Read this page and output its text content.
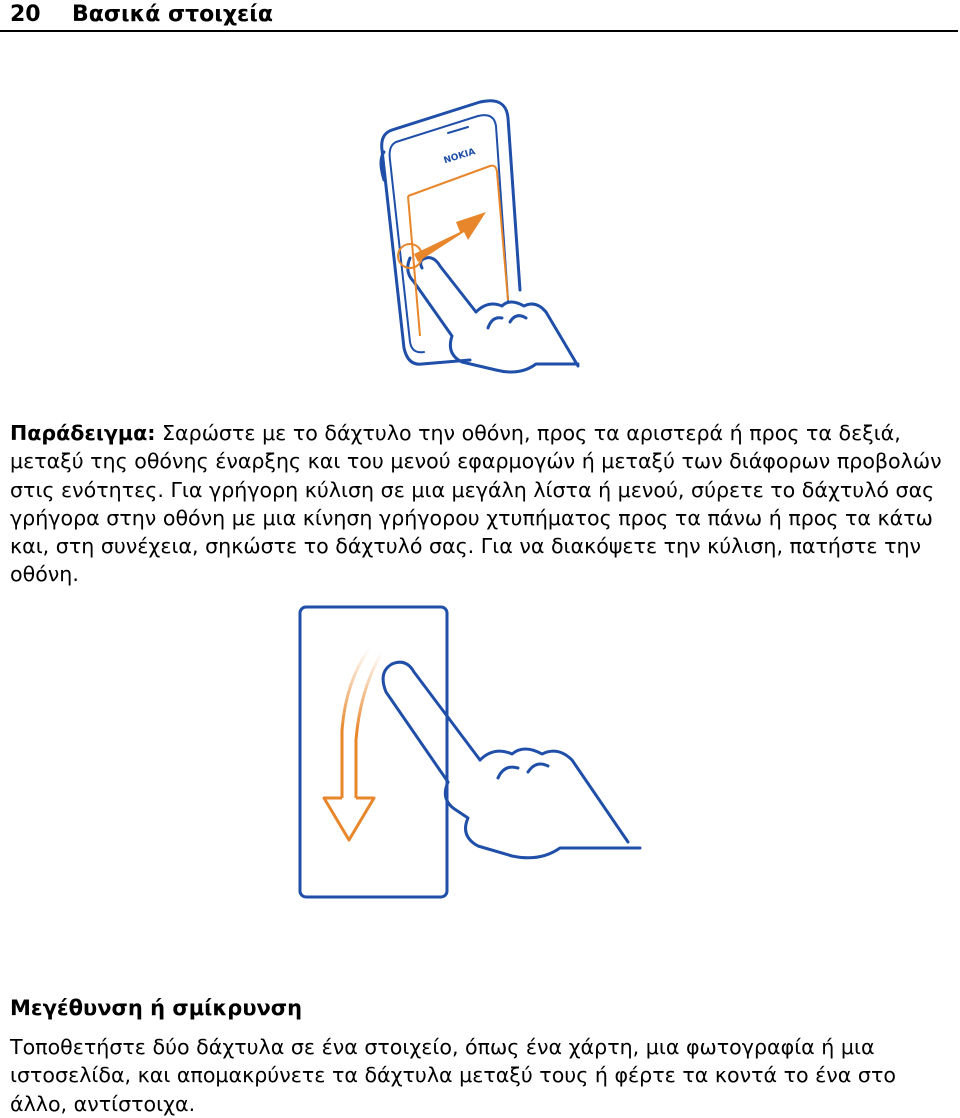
20 Βασικά στοιχεία
NOKIA
Παράδειγμα: Σαρώστε με το δάχτυλο την οθόνη, προς τα αριστερά ή προς τα δεξιά, μεταξύ της οθόνης έναρξης και του μενού εφαρμογών ή μεταξύ των διάφορων προβολών στις ενότητες. Για γρήγορη κύλιση σε μια μεγάλη λίστα ή μενού, σύρετε το δάχτυλό σας γρήγορα στην οθόνη με μια κίνηση γρήγορου χτυπήματος προς τα πάνω ή προς τα κάτω και, στη συνέχεια, σηκώστε το δάχτυλό σας. Για να διακόψετε την κύλιση, πατήστε την οθόνη.
Μεγέθυνση ή σμίκρυνση
Τοποθετήστε δύο δάχτυλα σε ένα στοιχείο, όπως ένα χάρτη, μια φωτογραφία ή μια ιστοσελίδα, και απομακρύνετε τα δάχτυλα μεταξύ τους ή φέρτε τα κοντά το ένα στο άλλο, αντίστοιχα.
